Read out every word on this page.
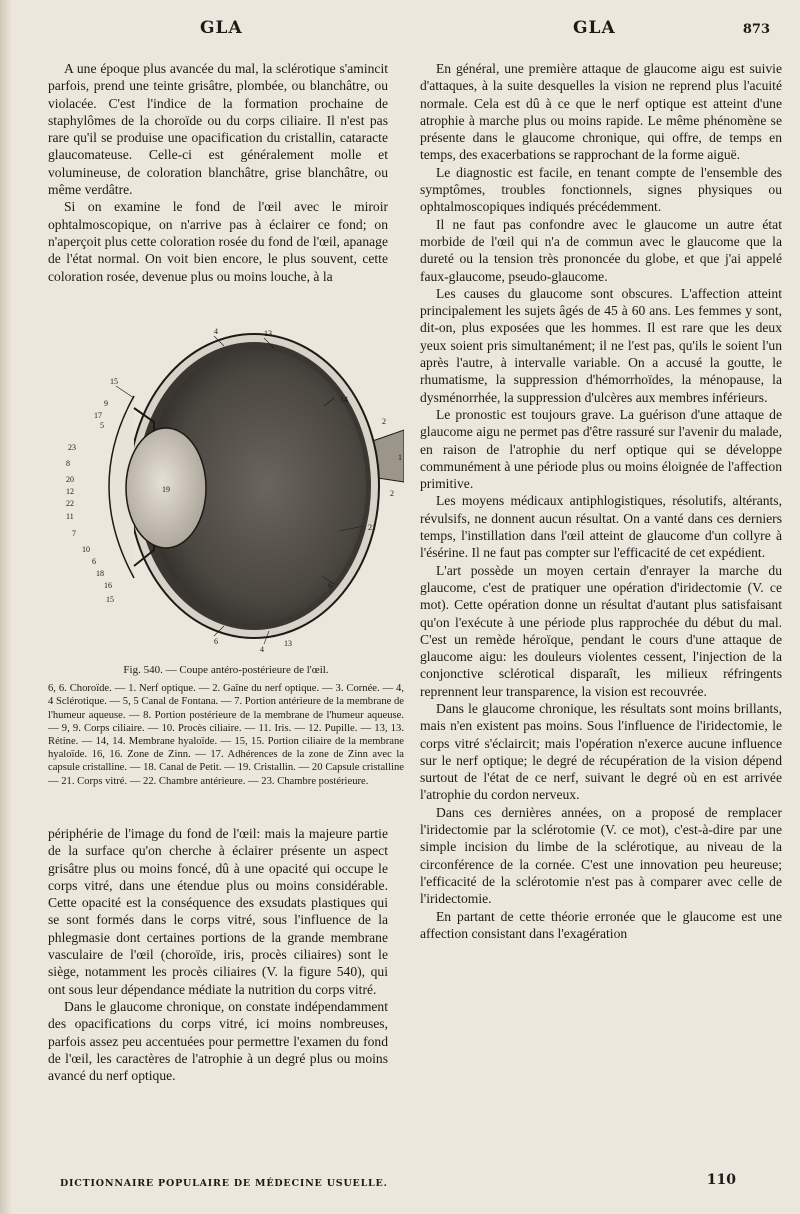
GLA	GLA	873

A une époque plus avancée du mal, la sclérotique s'amincit parfois, prend une teinte grisâtre, plombée, ou blanchâtre, ou violacée. C'est l'indice de la formation prochaine de staphylômes de la choroïde ou du corps ciliaire. Il n'est pas rare qu'il se produise une opacification du cristallin, cataracte glaucomateuse. Celle-ci est généralement molle et volumineuse, de coloration blanchâtre, grise blanchâtre, ou même verdâtre.

Si on examine le fond de l'œil avec le miroir ophtalmoscopique, on n'arrive pas à éclairer ce fond; on n'aperçoit plus cette coloration rosée du fond de l'œil, apanage de l'état normal. On voit bien encore, le plus souvent, cette coloration rosée, devenue plus ou moins louche, à la

19
13
4
14
15
9
17
5
23
8
20
12
22
11
7
10
6
18
16
15
4
6	13
21
2
1
2
6
Fig. 540. — Coupe antéro-postérieure de l'œil.
6, 6. Choroïde. — 1. Nerf optique. — 2. Gaîne du nerf optique. — 3. Cornée. — 4, 4 Sclérotique. — 5, 5 Canal de Fontana. — 7. Portion antérieure de la membrane de l'humeur aqueuse. — 8. Portion postérieure de la membrane de l'humeur aqueuse. — 9, 9. Corps ciliaire. — 10. Procès ciliaire. — 11. Iris. — 12. Pupille. — 13, 13. Rétine. — 14, 14. Membrane hyaloïde. — 15, 15. Portion ciliaire de la membrane hyaloïde. 16, 16. Zone de Zinn. — 17. Adhérences de la zone de Zinn avec la capsule cristalline. — 18. Canal de Petit. — 19. Cristallin. — 20 Capsule cristalline — 21. Corps vitré. — 22. Chambre antérieure. — 23. Chambre postérieure.

périphérie de l'image du fond de l'œil: mais la majeure partie de la surface qu'on cherche à éclairer présente un aspect grisâtre plus ou moins foncé, dû à une opacité qui occupe le corps vitré, dans une étendue plus ou moins considérable. Cette opacité est la conséquence des exsudats plastiques qui se sont formés dans le corps vitré, sous l'influence de la phlegmasie dont certaines portions de la grande membrane vasculaire de l'œil (choroïde, iris, procès ciliaires) sont le siège, notamment les procès ciliaires (V. la figure 540), qui ont sous leur dépendance médiate la nutrition du corps vitré.

Dans le glaucome chronique, on constate indépendamment des opacifications du corps vitré, ici moins nombreuses, parfois assez peu accentuées pour permettre l'examen du fond de l'œil, les caractères de l'atrophie à un degré plus ou moins avancé du nerf optique.

En général, une première attaque de glaucome aigu est suivie d'attaques, à la suite desquelles la vision ne reprend plus l'acuité normale. Cela est dû à ce que le nerf optique est atteint d'une atrophie à marche plus ou moins rapide. Le même phénomène se présente dans le glaucome chronique, qui offre, de temps en temps, des exacerbations se rapprochant de la forme aiguë.

Le diagnostic est facile, en tenant compte de l'ensemble des symptômes, troubles fonctionnels, signes physiques ou ophtalmoscopiques indiqués précédemment.

Il ne faut pas confondre avec le glaucome un autre état morbide de l'œil qui n'a de commun avec le glaucome que la dureté ou la tension très prononcée du globe, et que j'ai appelé faux-glaucome, pseudo-glaucome.

Les causes du glaucome sont obscures. L'affection atteint principalement les sujets âgés de 45 à 60 ans. Les femmes y sont, dit-on, plus exposées que les hommes. Il est rare que les deux yeux soient pris simultanément; il ne l'est pas, qu'ils le soient l'un après l'autre, à intervalle variable. On a accusé la goutte, le rhumatisme, la suppression d'hémorrhoïdes, la ménopause, la dysménorrhée, la suppression d'ulcères aux membres inférieurs.

Le pronostic est toujours grave. La guérison d'une attaque de glaucome aigu ne permet pas d'être rassuré sur l'avenir du malade, en raison de l'atrophie du nerf optique qui se développe communément à une période plus ou moins éloignée de l'affection primitive.

Les moyens médicaux antiphlogistiques, résolutifs, altérants, révulsifs, ne donnent aucun résultat. On a vanté dans ces derniers temps, l'instillation dans l'œil atteint de glaucome d'un collyre à l'ésérine. Il ne faut pas compter sur l'efficacité de cet expédient.

L'art possède un moyen certain d'enrayer la marche du glaucome, c'est de pratiquer une opération d'iridectomie (V. ce mot). Cette opération donne un résultat d'autant plus satisfaisant qu'on l'exécute à une période plus rapprochée du début du mal. C'est un remède héroïque, pendant le cours d'une attaque de glaucome aigu: les douleurs violentes cessent, l'injection de la conjonctive sclérotical disparaît, les milieux réfringents reprennent leur transparence, la vision est recouvrée.

Dans le glaucome chronique, les résultats sont moins brillants, mais n'en existent pas moins. Sous l'influence de l'iridectomie, le corps vitré s'éclaircit; mais l'opération n'exerce aucune influence sur le nerf optique; le degré de récupération de la vision dépend surtout de l'état de ce nerf, suivant le degré où en est arrivée l'atrophie du cordon nerveux.

Dans ces dernières années, on a proposé de remplacer l'iridectomie par la sclérotomie (V. ce mot), c'est-à-dire par une simple incision du limbe de la sclérotique, au niveau de la circonférence de la cornée. C'est une innovation peu heureuse; l'efficacité de la sclérotomie n'est pas à comparer avec celle de l'iridectomie.

En partant de cette théorie erronée que le glaucome est une affection consistant dans l'exagération

DICTIONNAIRE POPULAIRE DE MÉDECINE USUELLE.	110
